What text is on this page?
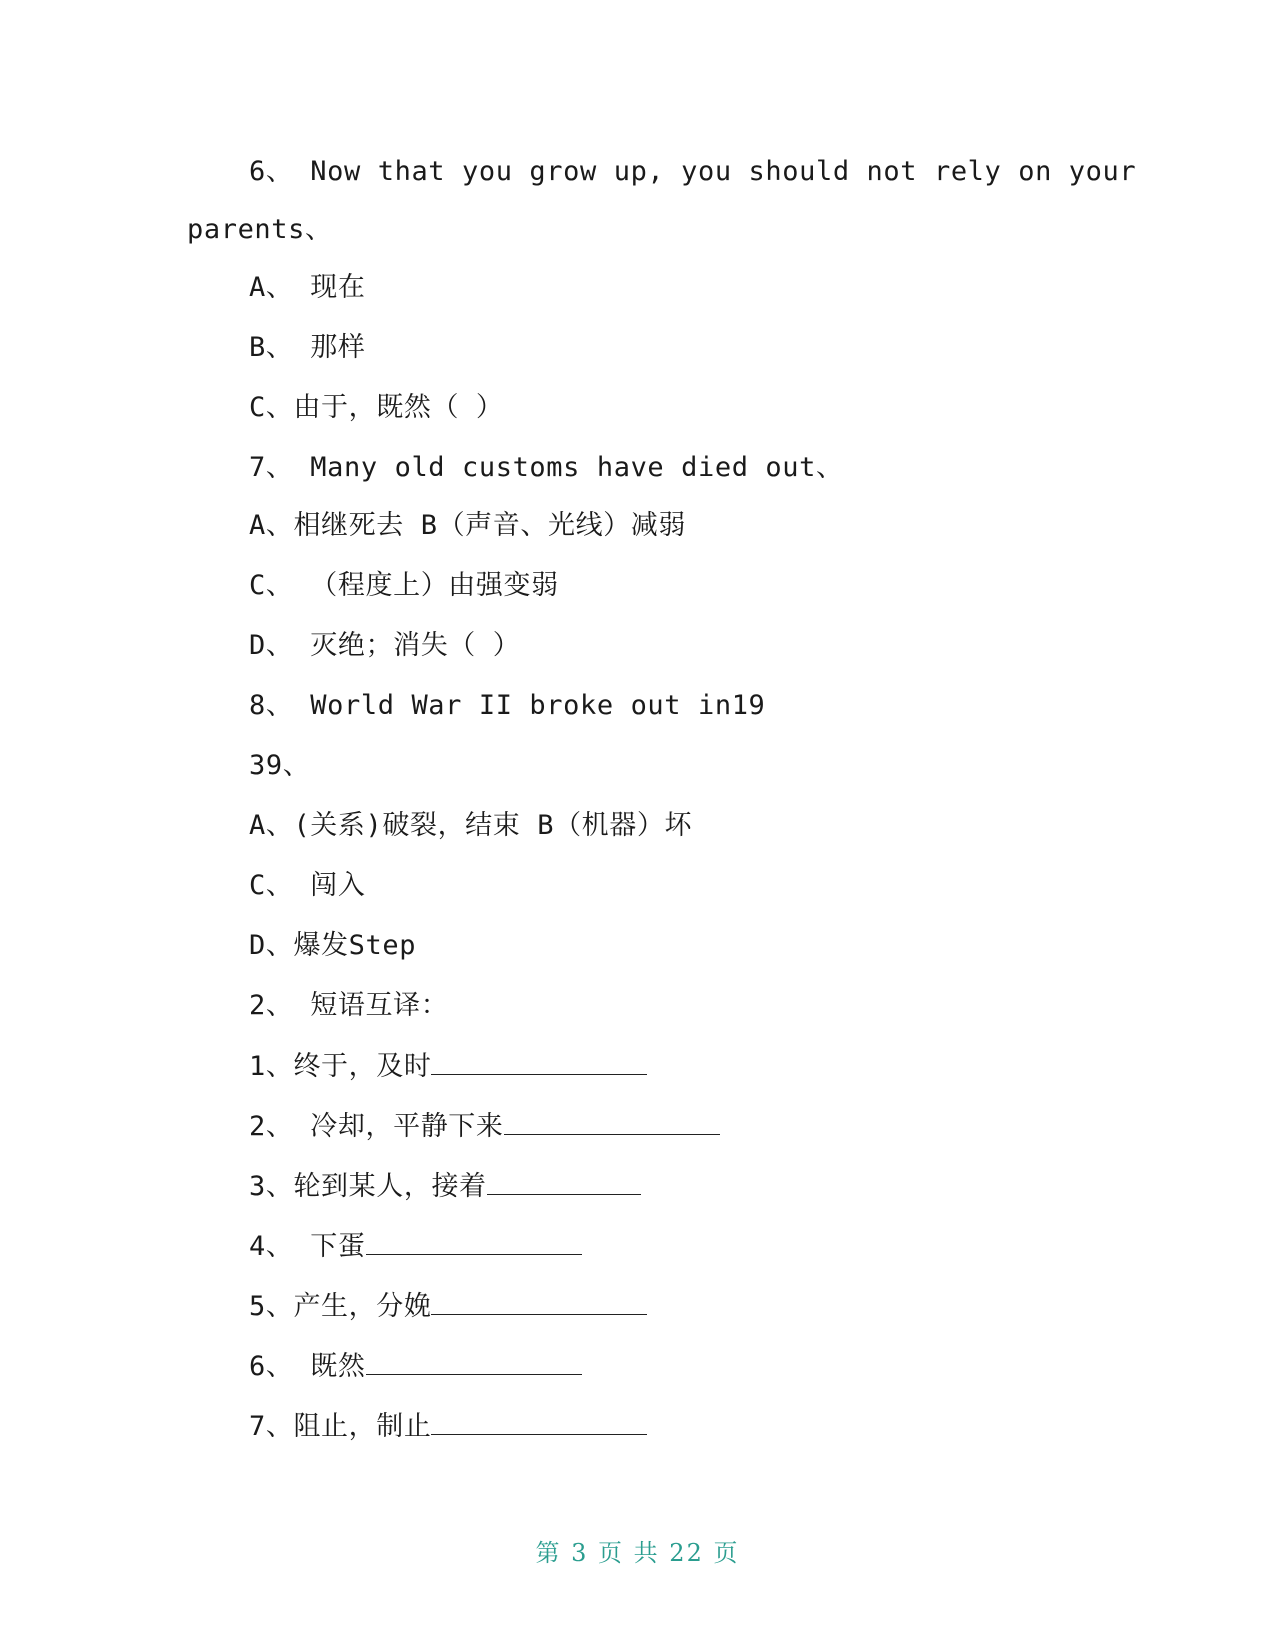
6、 Now that you grow up, you should not rely on your
parents、
A、 现在
B、 那样
C、由于，既然（ ）
7、 Many old customs have died out、
A、相继死去 B（声音、光线）减弱
C、 （程度上）由强变弱
D、 灭绝；消失（ ）
8、 World War II broke out in19
39、
A、(关系)破裂，结束 B（机器）坏
C、 闯入
D、爆发Step
2、 短语互译：
1、终于，及时
2、 冷却，平静下来
3、轮到某人，接着
4、 下蛋
5、产生，分娩
6、 既然
7、阻止，制止
第 3 页 共 22 页
